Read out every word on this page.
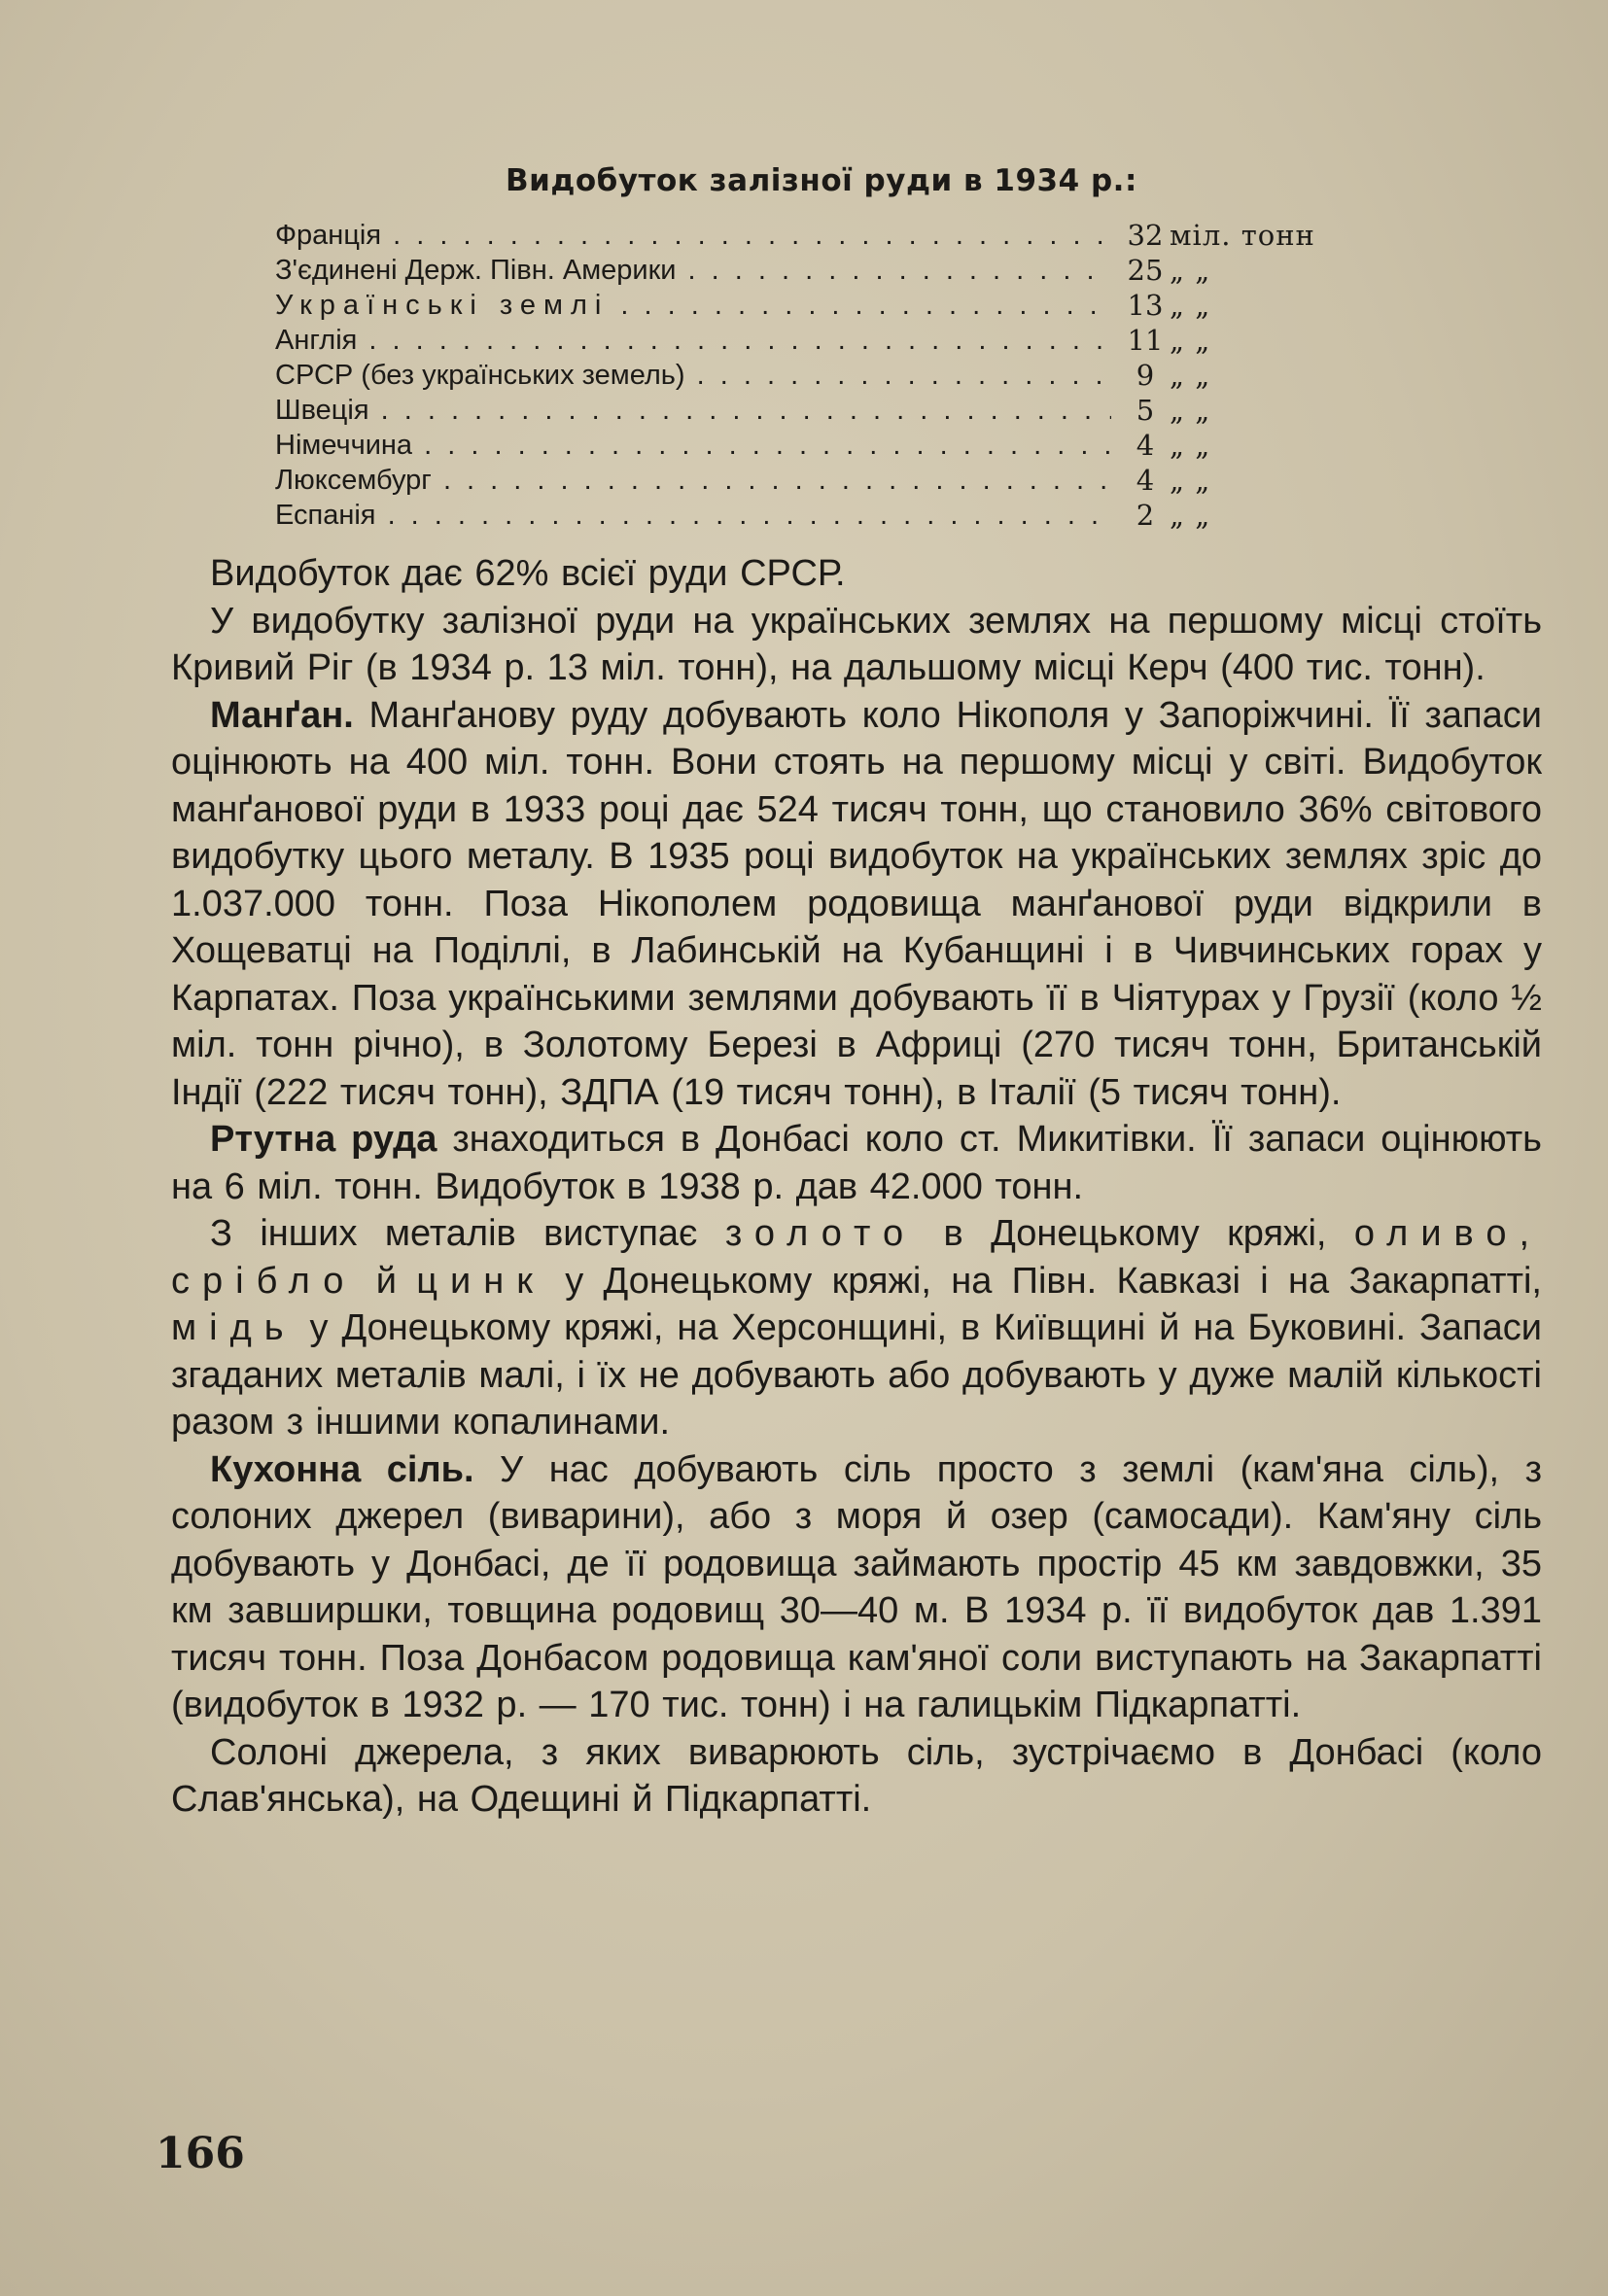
Видобуток залізної руди в 1934 р.:
Франція . . .	32 міл. тонн
З'єдинені Держ. Півн. Америки . . .	25 „ „
Українські землі . . .	13 „ „
Англія . . .	11 „ „
СРСР (без українських земель) . . .	9 „ „
Швеція . . .	5 „ „
Німеччина . . .	4 „ „
Люксембург . . .	4 „ „
Еспанія . . .	2 „ „

Видобуток дає 62% всієї руди СРСР.

У видобутку залізної руди на українських землях на першому місці стоїть Кривий Ріг (в 1934 р. 13 міл. тонн), на дальшому місці Керч (400 тис. тонн).

Манґан. Манґанову руду добувають коло Нікополя у Запоріжчині. Її запаси оцінюють на 400 міл. тонн. Вони стоять на першому місці у світі. Видобуток манґанової руди в 1933 році дає 524 тисяч тонн, що становило 36% світового видобутку цього металу. В 1935 році видобуток на українських землях зріс до 1.037.000 тонн. Поза Нікополем родовища манґанової руди відкрили в Хощеватці на Поділлі, в Лабинській на Кубанщині і в Чивчинських горах у Карпатах. Поза українськими землями добувають її в Чіятурах у Грузії (коло ½ міл. тонн річно), в Золотому Березі в Африці (270 тисяч тонн, Британській Індії (222 тисяч тонн), ЗДПА (19 тисяч тонн), в Італії (5 тисяч тонн).

Ртутна руда знаходиться в Донбасі коло ст. Микитівки. Її запаси оцінюють на 6 міл. тонн. Видобуток в 1938 р. дав 42.000 тонн.

З інших металів виступає золото в Донецькому кряжі, оливо, срібло й цинк у Донецькому кряжі, на Півн. Кавказі і на Закарпатті, мідь у Донецькому кряжі, на Херсонщині, в Київщині й на Буковині. Запаси згаданих металів малі, і їх не добувають або добувають у дуже малій кількості разом з іншими копалинами.

Кухонна сіль. У нас добувають сіль просто з землі (кам'яна сіль), з солоних джерел (виварини), або з моря й озер (самосади). Кам'яну сіль добувають у Донбасі, де її родовища займають простір 45 км завдовжки, 35 км завширшки, товщина родовищ 30—40 м. В 1934 р. її видобуток дав 1.391 тисяч тонн. Поза Донбасом родовища кам'яної соли виступають на Закарпатті (видобуток в 1932 р. — 170 тис. тонн) і на галицькім Підкарпатті.

Солоні джерела, з яких виварюють сіль, зустрічаємо в Донбасі (коло Слав'янська), на Одещині й Підкарпатті.

166
